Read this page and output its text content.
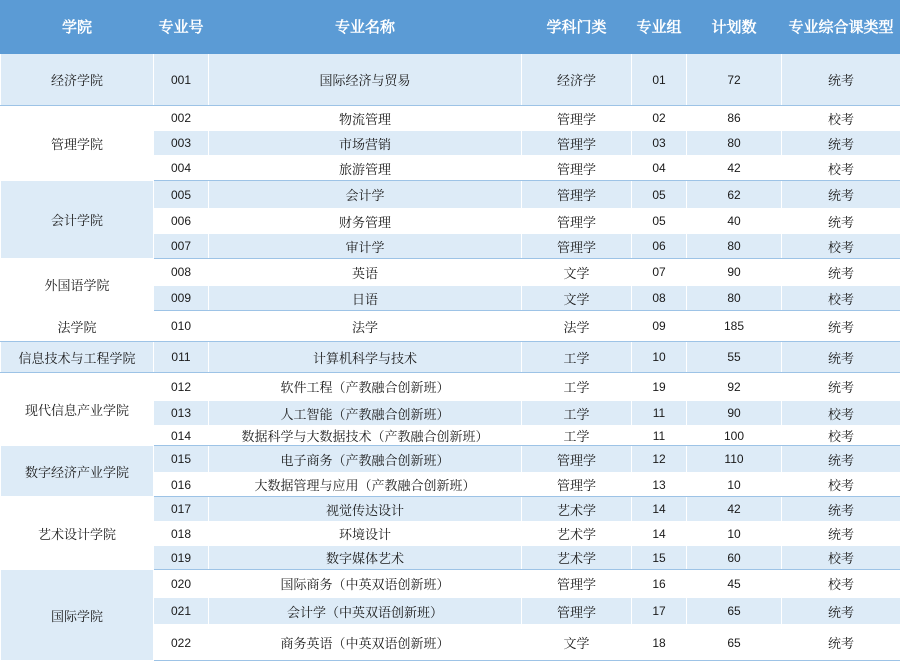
学院	专业号	专业名称	学科门类	专业组	计划数	专业综合课类型
经济学院	001	国际经济与贸易	经济学	01	72	统考
管理学院	002	物流管理	管理学	02	86	校考
	003	市场营销	管理学	03	80	统考
	004	旅游管理	管理学	04	42	校考
会计学院	005	会计学	管理学	05	62	统考
	006	财务管理	管理学	05	40	统考
	007	审计学	管理学	06	80	校考
外国语学院	008	英语	文学	07	90	统考
	009	日语	文学	08	80	校考
法学院	010	法学	法学	09	185	统考
信息技术与工程学院	011	计算机科学与技术	工学	10	55	统考
现代信息产业学院	012	软件工程（产教融合创新班）	工学	19	92	统考
	013	人工智能（产教融合创新班）	工学	11	90	校考
	014	数据科学与大数据技术（产教融合创新班）	工学	11	100	校考
数字经济产业学院	015	电子商务（产教融合创新班）	管理学	12	110	统考
	016	大数据管理与应用（产教融合创新班）	管理学	13	10	校考
艺术设计学院	017	视觉传达设计	艺术学	14	42	统考
	018	环境设计	艺术学	14	10	统考
	019	数字媒体艺术	艺术学	15	60	校考
国际学院	020	国际商务（中英双语创新班）	管理学	16	45	校考
	021	会计学（中英双语创新班）	管理学	17	65	统考
	022	商务英语（中英双语创新班）	文学	18	65	统考
